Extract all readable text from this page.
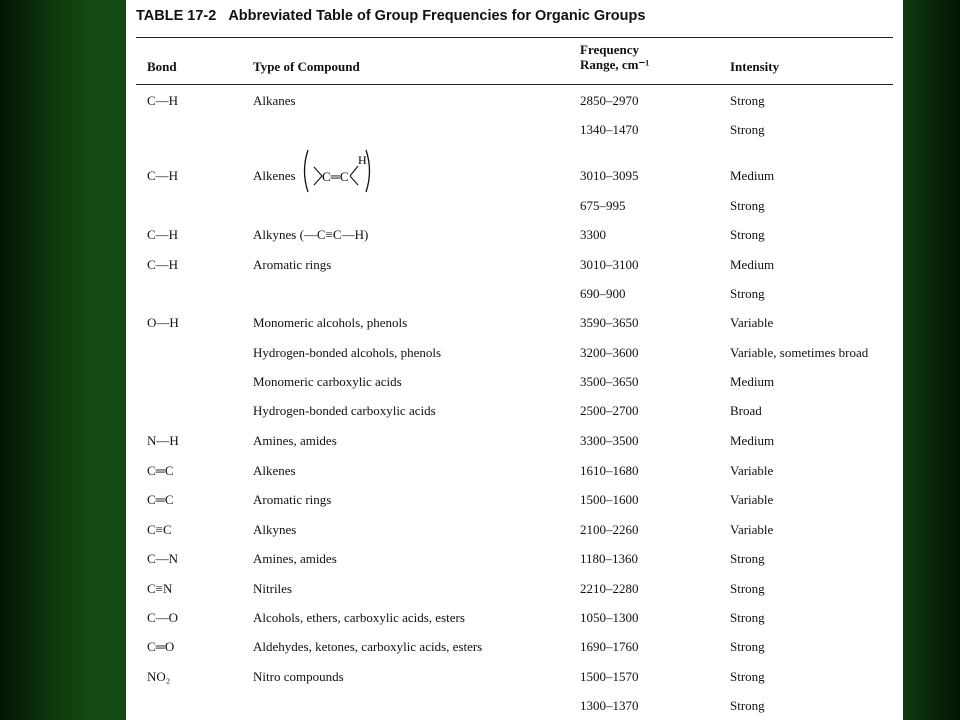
TABLE 17-2 Abbreviated Table of Group Frequencies for Organic Groups
Bond	Type of Compound
Frequency
Range, cm⁻¹	Intensity
C—H	Alkanes	2850–2970	Strong
1340–1470	Strong
C—H	Alkenes	3010–3095	Medium
675–995	Strong
C—H	Alkynes (—C≡C—H)	3300	Strong
C—H	Aromatic rings	3010–3100	Medium
690–900	Strong
O—H	Monomeric alcohols, phenols	3590–3650	Variable
Hydrogen-bonded alcohols, phenols	3200–3600	Variable, sometimes broad
Monomeric carboxylic acids	3500–3650	Medium
Hydrogen-bonded carboxylic acids	2500–2700	Broad
N—H	Amines, amides	3300–3500	Medium
C═C	Alkenes	1610–1680	Variable
C═C	Aromatic rings	1500–1600	Variable
C≡C	Alkynes	2100–2260	Variable
C—N	Amines, amides	1180–1360	Strong
C≡N	Nitriles	2210–2280	Strong
C—O	Alcohols, ethers, carboxylic acids, esters	1050–1300	Strong
C═O	Aldehydes, ketones, carboxylic acids, esters	1690–1760	Strong
NO₂	Nitro compounds	1500–1570	Strong
1300–1370	Strong
C═C
H
